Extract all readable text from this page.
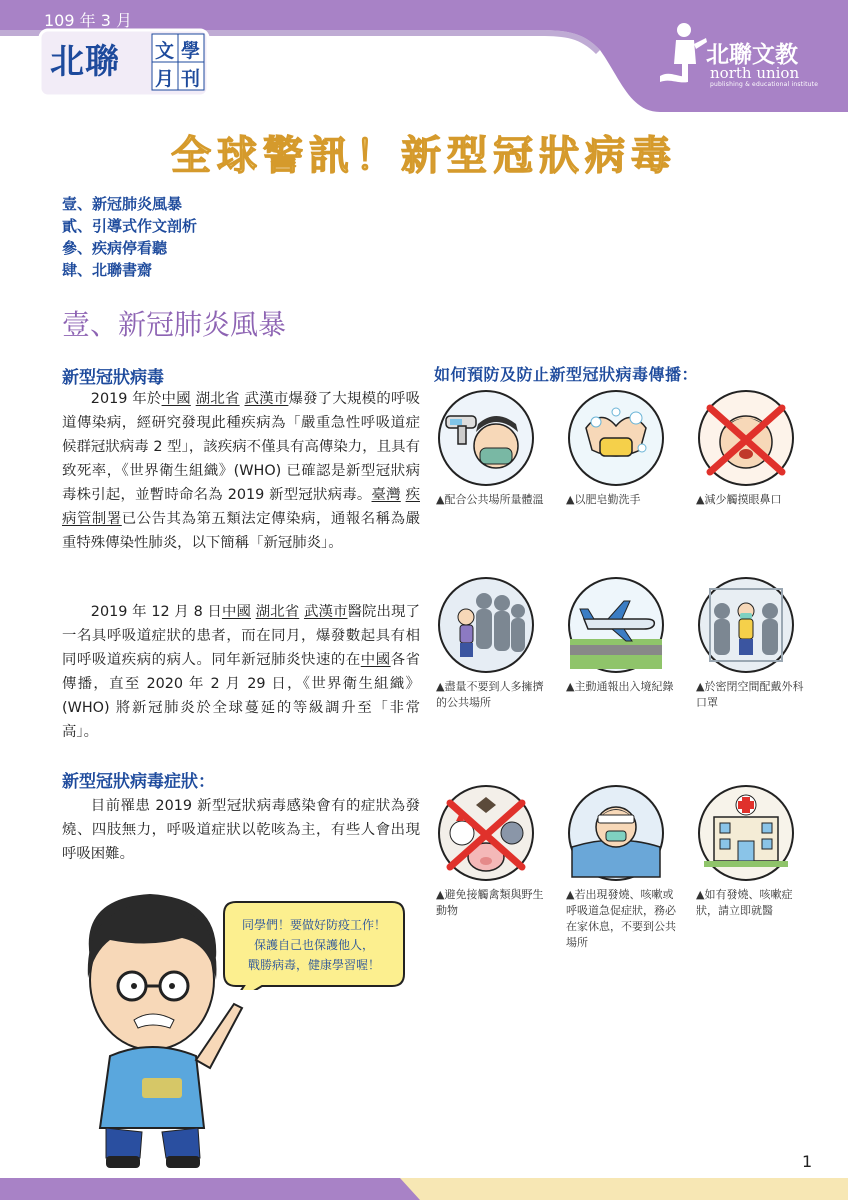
109 年 3 月
北聯 文 學
月 刊
北聯文教
north union
publishing & educational institute
全球警訊！新型冠狀病毒
壹、新冠肺炎風暴
貳、引導式作文剖析
參、疾病停看聽
肆、北聯書齋
壹、新冠肺炎風暴
新型冠狀病毒

2019 年於中國 湖北省 武漢市爆發了大規模的呼吸道傳染病，經研究發現此種疾病為「嚴重急性呼吸道症候群冠狀病毒 2 型」，該疾病不僅具有高傳染力，且具有致死率，《世界衛生組織》(WHO) 已確認是新型冠狀病毒株引起，並暫時命名為 2019 新型冠狀病毒。臺灣 疾病管制署已公告其為第五類法定傳染病，通報名稱為嚴重特殊傳染性肺炎，以下簡稱「新冠肺炎」。

2019 年 12 月 8 日中國 湖北省 武漢市醫院出現了一名具呼吸道症狀的患者，而在同月，爆發數起具有相同呼吸道疾病的病人。同年新冠肺炎快速的在中國各省傳播，直至 2020 年 2 月 29 日，《世界衛生組織》(WHO) 將新冠肺炎於全球蔓延的等級調升至「非常高」。

新型冠狀病毒症狀：

目前罹患 2019 新型冠狀病毒感染會有的症狀為發燒、四肢無力，呼吸道症狀以乾咳為主，有些人會出現呼吸困難。

如何預防及防止新型冠狀病毒傳播：
▲配合公共場所量體溫	▲以肥皂勤洗手	▲減少觸摸眼鼻口
▲盡量不要到人多擁擠的公共場所
▲主動通報出入境紀錄	▲於密閉空間配戴外科口罩
▲避免接觸禽類與野生動物
▲若出現發燒、咳嗽或呼吸道急促症狀，務必在家休息，不要到公共場所
▲如有發燒、咳嗽症狀，請立即就醫
同學們！要做好防疫工作！
保護自己也保護他人，
戰勝病毒，健康學習喔！
1
